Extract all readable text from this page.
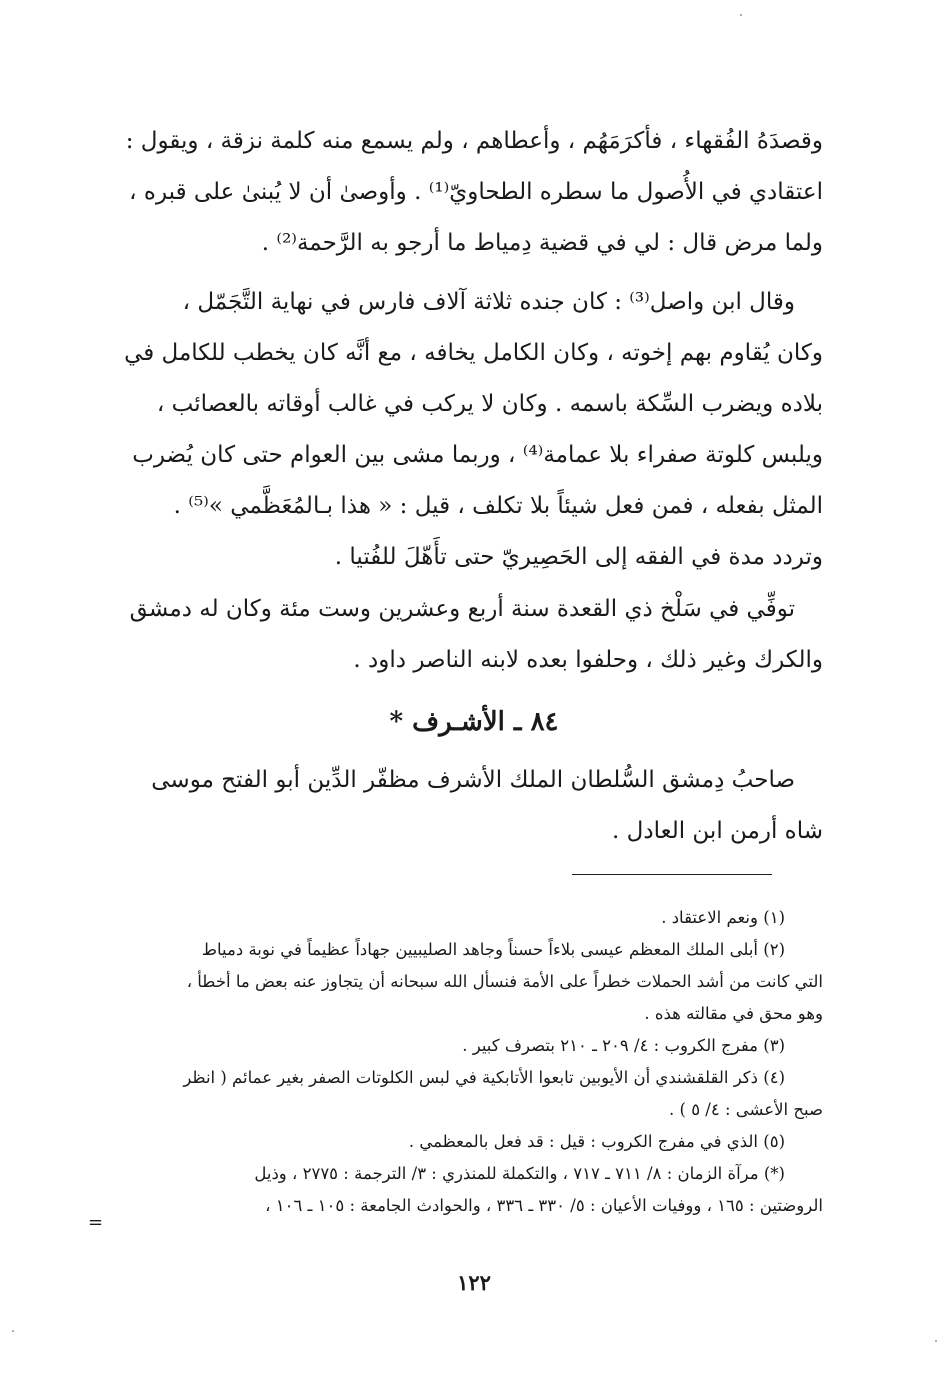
وقصدَهُ الفُقهاء ، فأكرَمَهُم ، وأعطاهم ، ولم يسمع منه كلمة نزقة ، ويقول :
اعتقادي في الأُصول ما سطره الطحاويّ⁽¹⁾ . وأوصىٰ أن لا يُبنىٰ على قبره ،
ولما مرض قال : لي في قضية دِمياط ما أرجو به الرَّحمة⁽²⁾ .
وقال ابن واصل⁽³⁾ : كان جنده ثلاثة آلاف فارس في نهاية التَّجَمّل ،
وكان يُقاوم بهم إخوته ، وكان الكامل يخافه ، مع أنَّه كان يخطب للكامل في
بلاده ويضرب السِّكة باسمه . وكان لا يركب في غالب أوقاته بالعصائب ،
ويلبس كلوتة صفراء بلا عمامة⁽⁴⁾ ، وربما مشى بين العوام حتى كان يُضرب
المثل بفعله ، فمن فعل شيئاً بلا تكلف ، قيل : « هذا بـالمُعَظَّمي »⁽⁵⁾ .
وتردد مدة في الفقه إلى الحَصِيريّ حتى تأَهّلَ للفُتيا .
توفِّي في سَلْخ ذي القعدة سنة أربع وعشرين وست مئة وكان له دمشق
والكرك وغير ذلك ، وحلفوا بعده لابنه الناصر داود .
٨٤ ـ الأشـرف *
صاحبُ دِمشق السُّلطان الملك الأشرف مظفّر الدِّين أبو الفتح موسى
شاه أرمن ابن العادل .
(١) ونعم الاعتقاد .
(٢) أبلى الملك المعظم عيسى بلاءاً حسناً وجاهد الصليبيين جهاداً عظيماً في نوبة دمياط
التي كانت من أشد الحملات خطراً على الأمة فنسأل الله سبحانه أن يتجاوز عنه بعض ما أخطأ ،
وهو محق في مقالته هذه .
(٣) مفرج الكروب : ٤/ ٢٠٩ ـ ٢١٠ بتصرف كبير .
(٤) ذكر القلقشندي أن الأيوبين تابعوا الأتابكية في لبس الكلوتات الصفر بغير عمائم ( انظر
صبح الأعشى : ٤/ ٥ ) .
(٥) الذي في مفرج الكروب : قيل : قد فعل بالمعظمي .
(*) مرآة الزمان : ٨/ ٧١١ ـ ٧١٧ ، والتكملة للمنذري : ٣/ الترجمة : ٢٧٧٥ ، وذيل
الروضتين : ١٦٥ ، ووفيات الأعيان : ٥/ ٣٣٠ ـ ٣٣٦ ، والحوادث الجامعة : ١٠٥ ـ ١٠٦ ،
=
١٢٢
